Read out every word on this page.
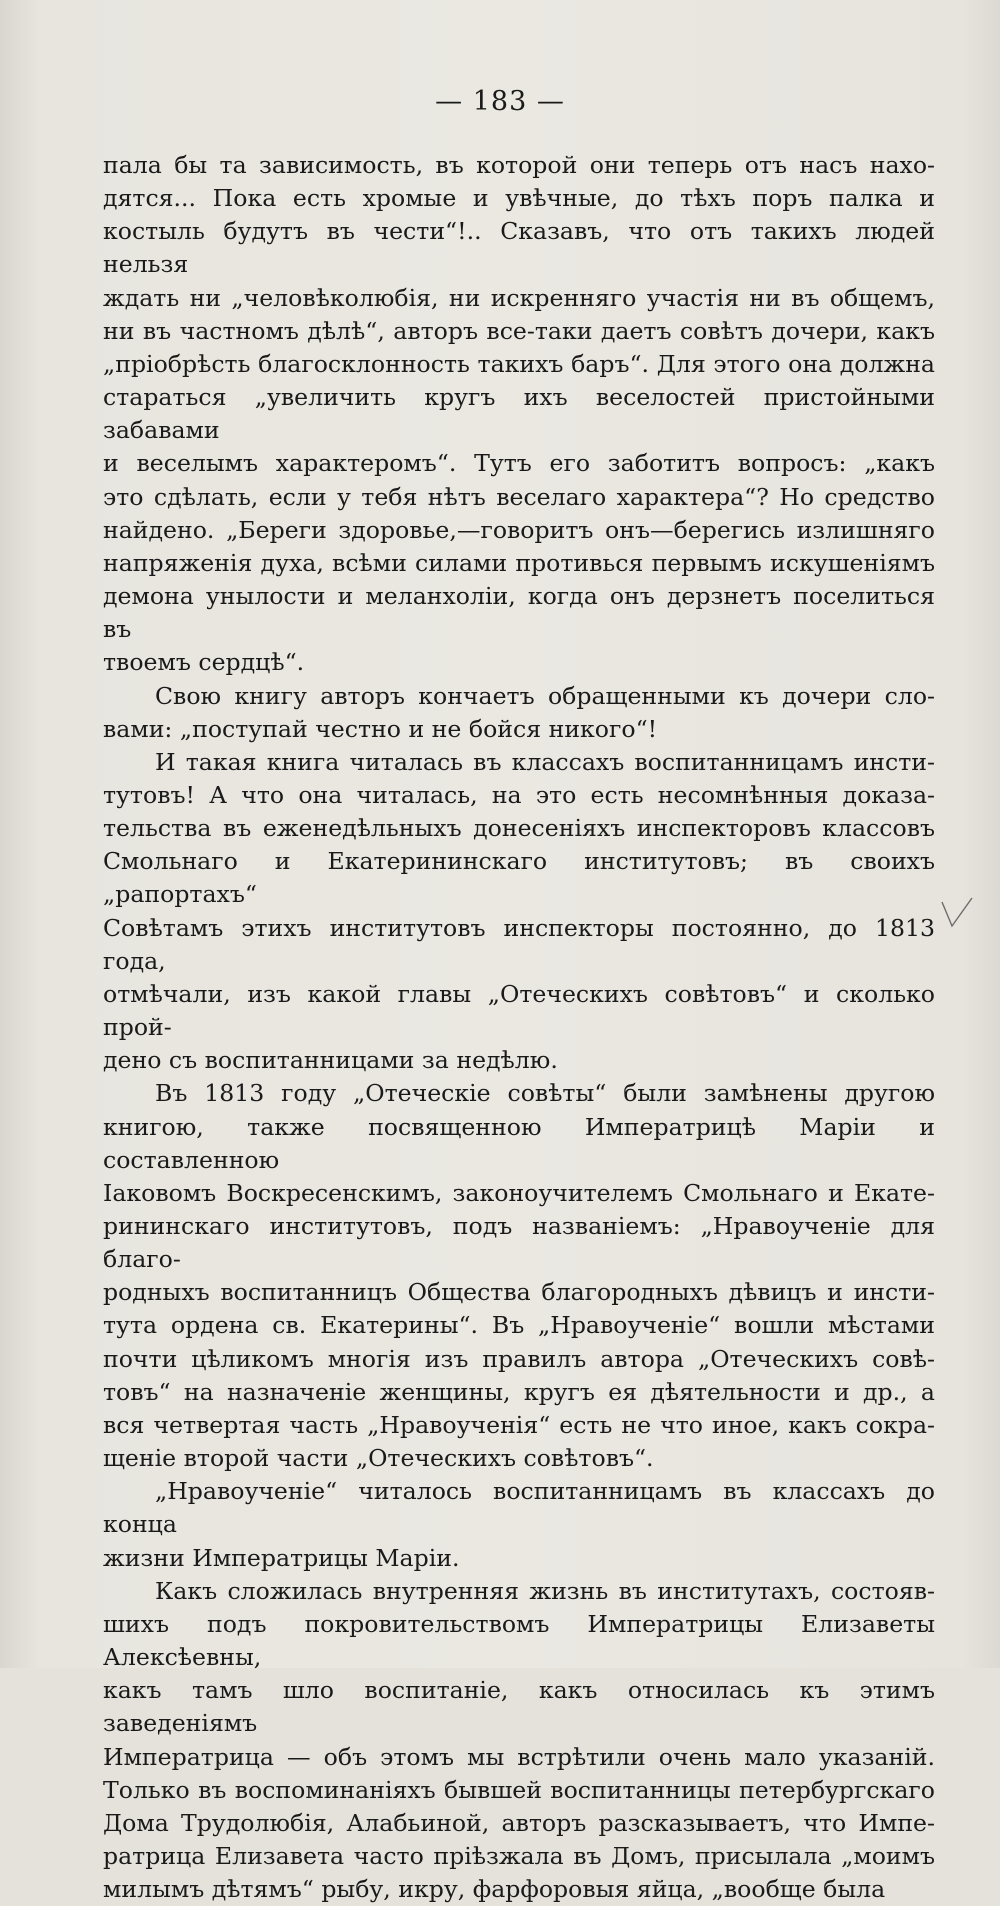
— 183 —

пала бы та зависимость, въ которой они теперь отъ насъ нахо-

дятся... Пока есть хромые и увѣчные, до тѣхъ поръ палка и

костыль будутъ въ чести“!.. Сказавъ, что отъ такихъ людей нельзя

ждать ни „человѣколюбія, ни искренняго участія ни въ общемъ,

ни въ частномъ дѣлѣ“, авторъ все-таки даетъ совѣтъ дочери, какъ

„пріобрѣсть благосклонность такихъ баръ“. Для этого она должна

стараться „увеличить кругъ ихъ веселостей пристойными забавами

и веселымъ характеромъ“. Тутъ его заботитъ вопросъ: „какъ

это сдѣлать, если у тебя нѣтъ веселаго характера“? Но средство

найдено. „Береги здоровье,—говоритъ онъ—берегись излишняго

напряженія духа, всѣми силами противься первымъ искушеніямъ

демона унылости и меланхоліи, когда онъ дерзнетъ поселиться въ

твоемъ сердцѣ“.

Свою книгу авторъ кончаетъ обращенными къ дочери сло-

вами: „поступай честно и не бойся никого“!

И такая книга читалась въ классахъ воспитанницамъ инсти-

тутовъ! А что она читалась, на это есть несомнѣнныя доказа-

тельства въ еженедѣльныхъ донесеніяхъ инспекторовъ классовъ

Смольнаго и Екатерининскаго институтовъ; въ своихъ „рапортахъ“

Совѣтамъ этихъ институтовъ инспекторы постоянно, до 1813 года,

отмѣчали, изъ какой главы „Отеческихъ совѣтовъ“ и сколько прой-

дено съ воспитанницами за недѣлю.

Въ 1813 году „Отеческіе совѣты“ были замѣнены другою

книгою, также посвященною Императрицѣ Маріи и составленною

Іаковомъ Воскресенскимъ, законоучителемъ Смольнаго и Екате-

рининскаго институтовъ, подъ названіемъ: „Нравоученіе для благо-

родныхъ воспитанницъ Общества благородныхъ дѣвицъ и инсти-

тута ордена св. Екатерины“. Въ „Нравоученіе“ вошли мѣстами

почти цѣликомъ многія изъ правилъ автора „Отеческихъ совѣ-

товъ“ на назначеніе женщины, кругъ ея дѣятельности и др., а

вся четвертая часть „Нравоученія“ есть не что иное, какъ сокра-

щеніе второй части „Отеческихъ совѣтовъ“.

„Нравоученіе“ читалось воспитанницамъ въ классахъ до конца

жизни Императрицы Маріи.

Какъ сложилась внутренняя жизнь въ институтахъ, состояв-

шихъ подъ покровительствомъ Императрицы Елизаветы Алексѣевны,

какъ тамъ шло воспитаніе, какъ относилась къ этимъ заведеніямъ

Императрица — объ этомъ мы встрѣтили очень мало указаній.

Только въ воспоминаніяхъ бывшей воспитанницы петербургскаго

Дома Трудолюбія, Алабьиной, авторъ разсказываетъ, что Импе-

ратрица Елизавета часто пріѣзжала въ Домъ, присылала „моимъ

милымъ дѣтямъ“ рыбу, икру, фарфоровыя яйца, „вообще была
